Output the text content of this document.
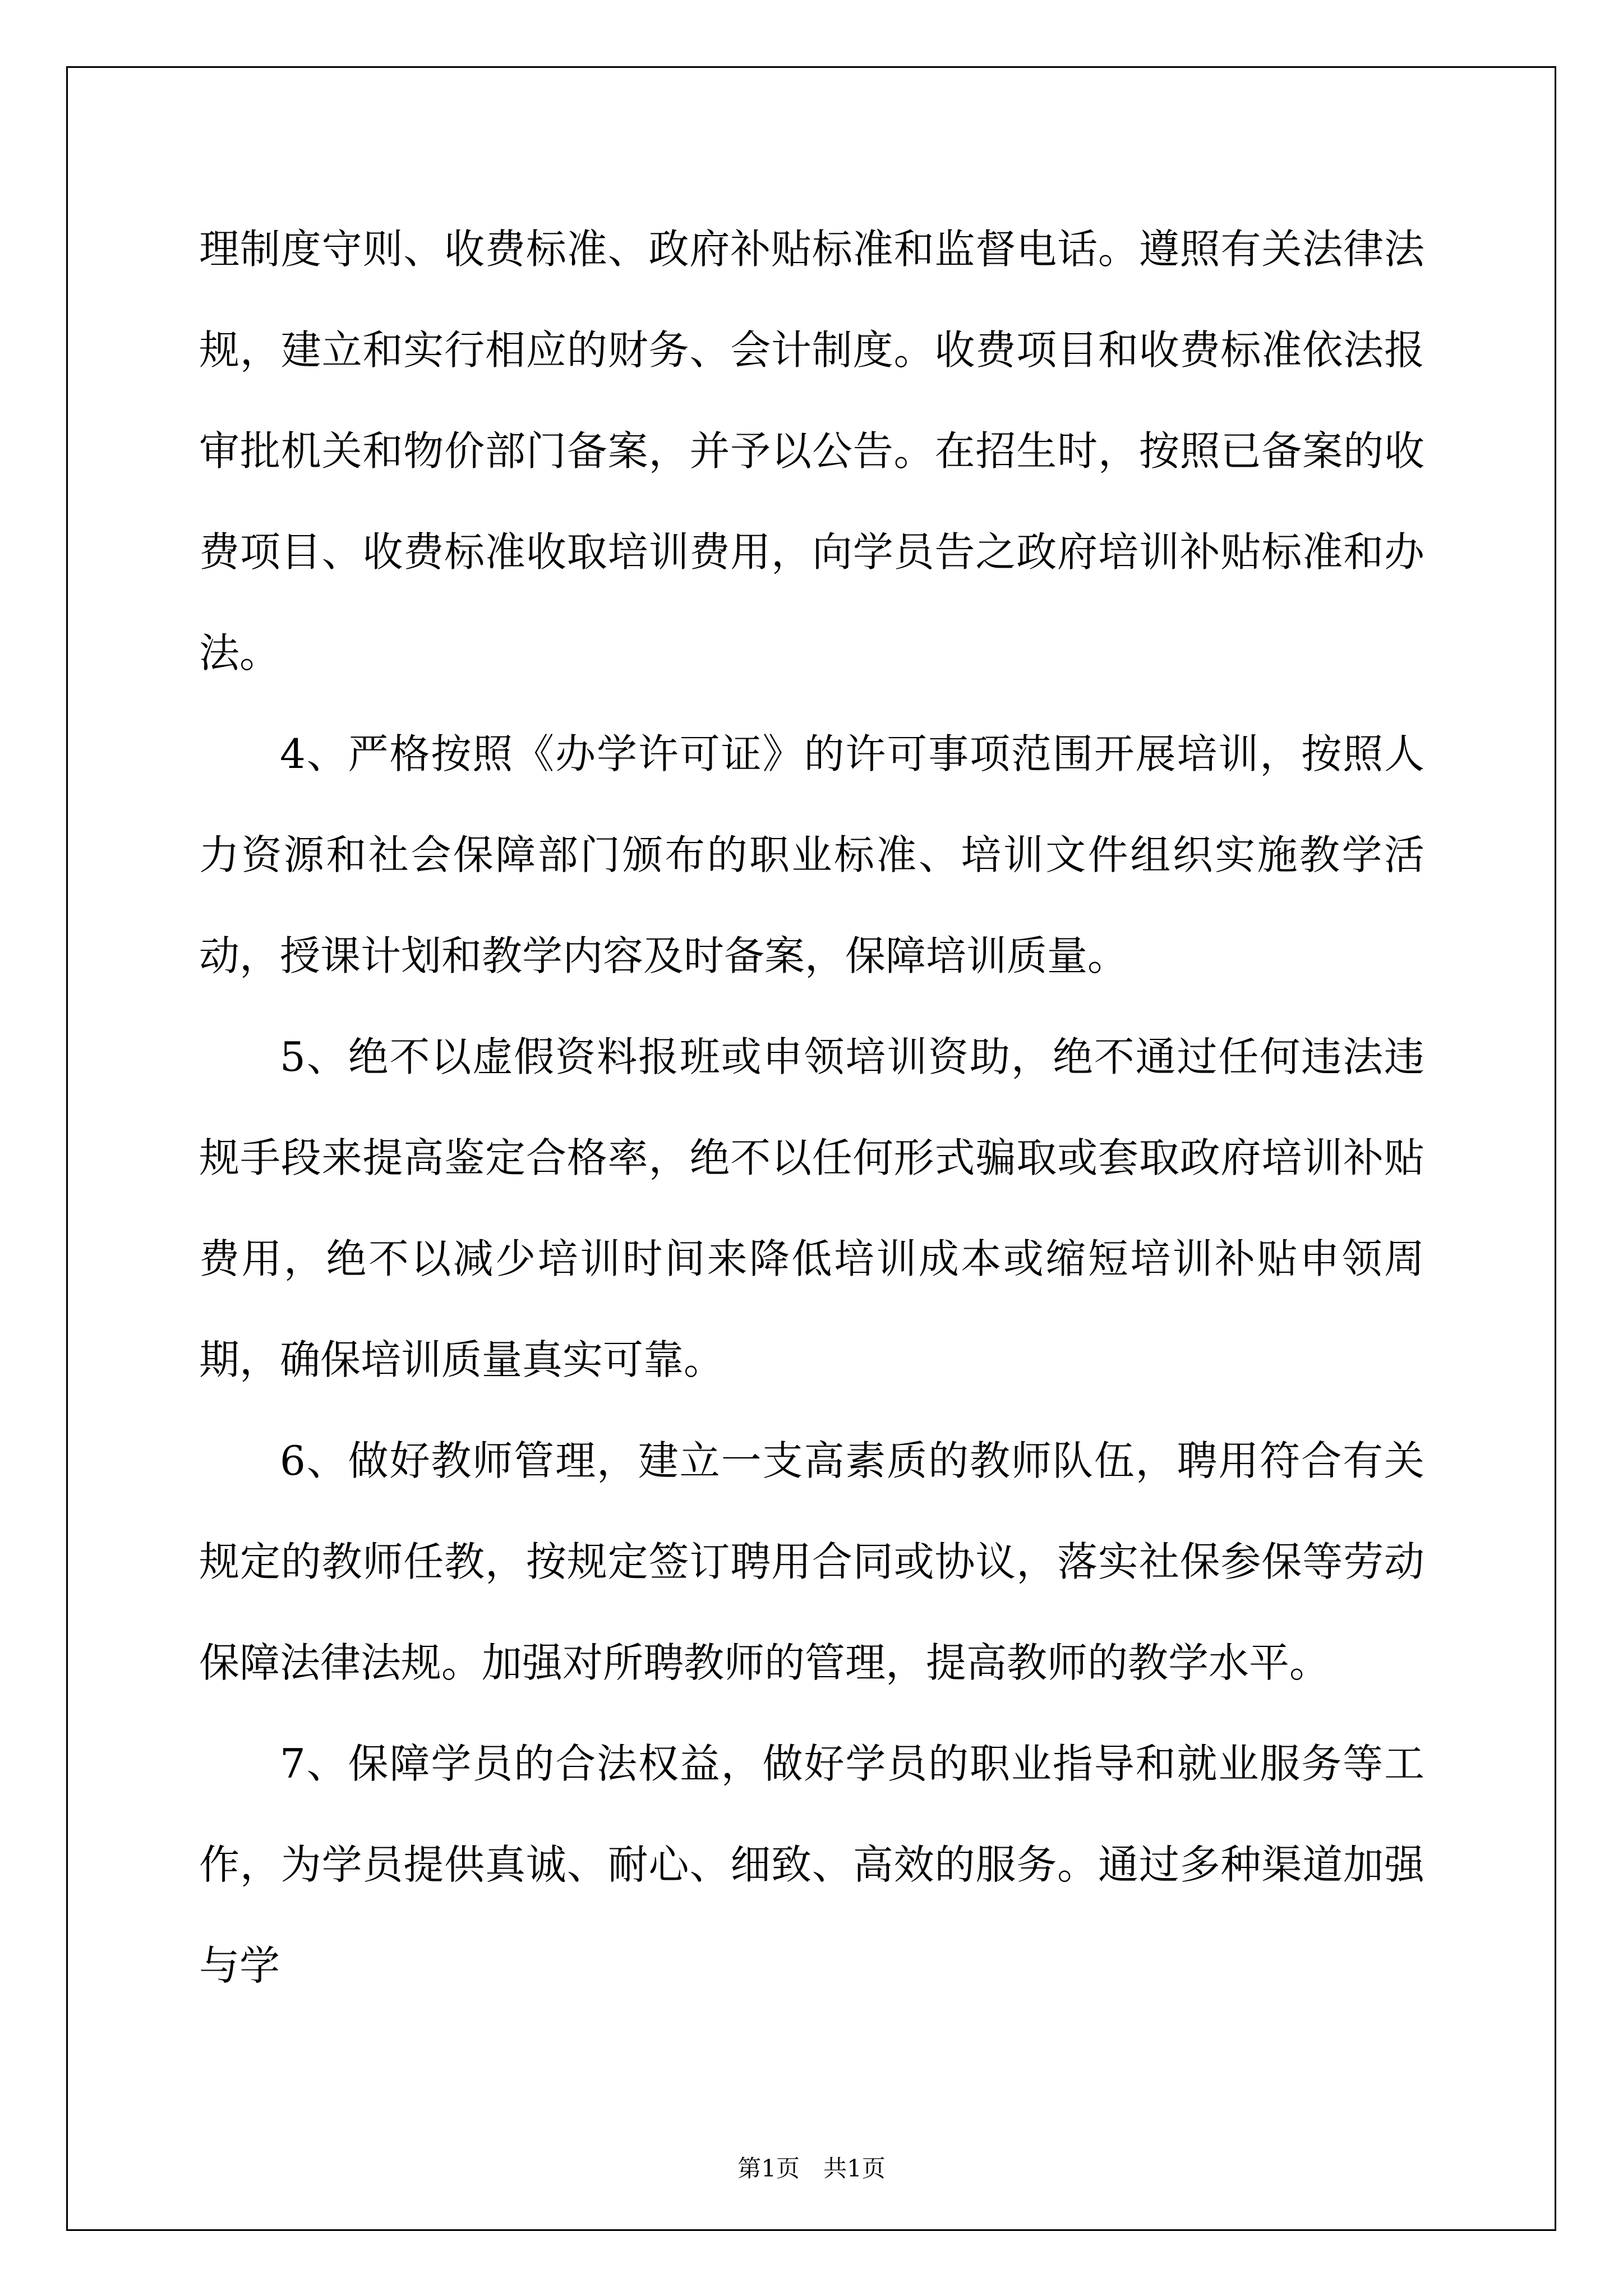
理制度守则、收费标准、政府补贴标准和监督电话。遵照有关法律法规，建立和实行相应的财务、会计制度。收费项目和收费标准依法报审批机关和物价部门备案，并予以公告。在招生时，按照已备案的收费项目、收费标准收取培训费用，向学员告之政府培训补贴标准和办法。

4、严格按照《办学许可证》的许可事项范围开展培训，按照人力资源和社会保障部门颁布的职业标准、培训文件组织实施教学活动，授课计划和教学内容及时备案，保障培训质量。

5、绝不以虚假资料报班或申领培训资助，绝不通过任何违法违规手段来提高鉴定合格率，绝不以任何形式骗取或套取政府培训补贴费用，绝不以减少培训时间来降低培训成本或缩短培训补贴申领周期，确保培训质量真实可靠。

6、做好教师管理，建立一支高素质的教师队伍，聘用符合有关规定的教师任教，按规定签订聘用合同或协议，落实社保参保等劳动保障法律法规。加强对所聘教师的管理，提高教师的教学水平。

7、保障学员的合法权益，做好学员的职业指导和就业服务等工作，为学员提供真诚、耐心、细致、高效的服务。通过多种渠道加强与学

第1页　共1页
